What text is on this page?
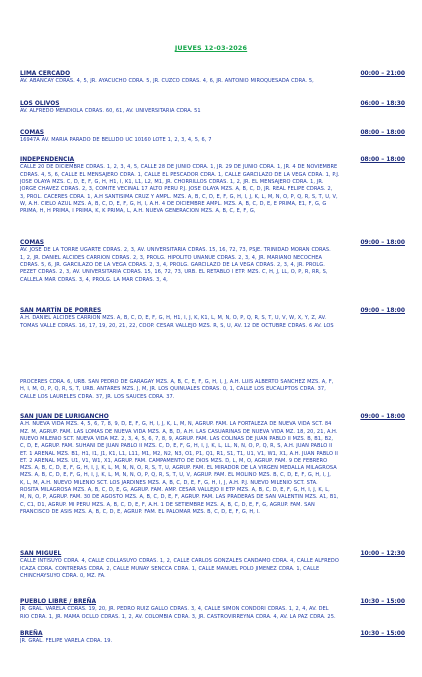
JUEVES 12-03-2026
LIMA CERCADO	00:00 – 21:00
AV. ABANCAY CDRAS. 4, 5, JR. AYACUCHO CDRA. 5, JR. CUZCO CDRAS. 4, 6, JR. ANTONIO MIROQUESADA CDRA. 5,
LOS OLIVOS	06:00 – 18:30
AV. ALFREDO MENDIOLA CDRAS. 60, 61, AV. UNIVERSITARIA CDRA. 51
COMAS	08:00 – 18:00
16947A AV. MARIA PARADO DE BELLIDO UC 10160 LOTE 1, 2, 3, 4, 5, 6, 7
INDEPENDENCIA	08:00 – 18:00
CALLE 20 DE DICIEMBRE CDRAS. 1, 2, 3, 4, 5, CALLE 28 DE JUNIO CDRA. 1, JR. 29 DE JUNIO CDRA. 1, JR. 4 DE NOVIEMBRE
CDRAS. 4, 5, 6, CALLE EL MENSAJERO CDRA. 1, CALLE EL PESCADOR CDRA. 1, CALLE GARCILAZO DE LA VEGA CDRA. 1, P.J.
JOSÉ OLAYA MZS. C, D, E, F, G, H, H1, I, K1, L1, L2, M1, JR. CHORRILLOS CDRAS. 1, 2, JR. EL MENSAJERO CDRA. 1, JR.
JORGE CHAVEZ CDRAS. 2, 3, COMITÉ VECINAL 17 ALTO PERÚ P.J. JOSÉ OLAYA MZS. A, B, C, D, JR. REAL FELIPE CDRAS. 2,
3, PROL. CÁCERES CDRA. 1, A.H SANTISIMA CRUZ Y AMPL. MZS. A, B, C, D, E, F, G, H, I, J, K, L, M, N, O, P, Q, R, S, T, U, V,
W, A.H. CIELO AZUL MZS. A, B, C, D, E, F, G, H, I, A.H. 4 DE DICIEMBRE AMPL. MZS. A, B, C, D, E, E PRIMA, E1, F, G, G
PRIMA, H, H PRIMA, I PRIMA, K, K PRIMA, L, A.H. NUEVA GENERACIÓN MZS. A, B, C, E, F, G,
COMAS	09:00 – 18:00
AV. JOSÉ DE LA TORRE UGARTE CDRAS. 2, 3, AV. UNIVERSITARIA CDRAS. 15, 16, 72, 73, PSJE. TRINIDAD MORÁN CDRAS.
1, 2, JR. DANIEL ALCIDES CARRIÓN CDRAS. 2, 3, PROLG. HIPÓLITO UNANUE CDRAS. 2, 3, 4, JR. MARIANO NECOCHEA
CDRAS. 5, 6, JR. GARCILAZO DE LA VEGA CDRAS. 2, 3, 4, PROLG. GARCILAZO DE LA VEGA CDRAS. 2, 3, 4, JR. PROLG.
PEZET CDRAS. 2, 3, AV. UNIVERSITARIA CDRAS. 15, 16, 72, 73, URB. EL RETABLO I ETP. MZS. C, H, J, LL, O, P, R, RR, S,
CALLELA MAR CDRAS. 3, 4, PROLG. LA MAR CDRAS. 3, 4,
SAN MARTÍN DE PORRES	09:00 – 18:00
A.H. DANIEL ALCIDES CARRIÓN MZS. A, B, C, D, E, F, G, H, H1, I, J, K, K1, L, M, N, O, P, Q, R, S, T, U, V, W, X, Y, Z, AV.
TOMÁS VALLE CDRAS. 16, 17, 19, 20, 21, 22, COOP. CESAR VALLEJO MZS. R, S, U, AV. 12 DE OCTUBRE CDRAS. 6 AV. LOS
PRÓCERES CDRA. 6, URB. SAN PEDRO DE GARAGAY MZS. A, B, C, E, F, G, H, I, J, A.H. LUIS ALBERTO SÁNCHEZ MZS. A, F,
H, I, M, O, P, Q, R, S, T, URB. ANTARES MZS. J, M, JR. LOS QUINUALES CDRAS. 0, 1, CALLE LOS EUCALIPTOS CDRA. 37,
CALLE LOS LAURELES CDRA. 37, JR. LOS SAUCES CDRA. 37.
SAN JUAN DE LURIGANCHO	09:00 – 18:00
A.H. NUEVA VIDA MZS. 4, 5, 6, 7, 8, 9, D, E, F, G, H, I, J, K, L, M, N, AGRUP. FAM. LA FORTALEZA DE NUEVA VIDA SCT. 84
MZ. M, AGRUP. FAM. LAS LOMAS DE NUEVA VIDA MZS. A, B, D, A.H. LAS CASUARINAS DE NUEVA VIDA MZ. 18, 20, 21, A.H.
NUEVO MILENIO SCT. NUEVA VIDA MZ. 2, 3, 4, 5, 6, 7, 8, 9, AGRUP. FAM. LAS COLINAS DE JUAN PABLO II MZS. B, B1, B2,
C, D, E, AGRUP. FAM. SUHANI DE JUAN PABLO II MZS. C, D, E, F, G, H, I, J, K, L, LL, Ñ, Ñ, O, P, Q, R, S, A.H. JUAN PABLO II
ET. 1 ARENAL MZS. B1, H1, I1, J1, K1, L1, L11, M1, M2, N2, N3, O1, P1, Q1, R1, S1, T1, U1, V1, W1, X1, A.H. JUAN PABLO II
ET. 2 ARENAL MZS. U1, V1, W1, X1, AGRUP. FAM. CAMPAMENTO DE DIOS MZS. D, L, M, O, AGRUP. FAM. 9 DE FEBRERO
MZS. A, B, C, D, E, F, G, H, I, J, K, L, M, N, Ñ, O, R, S, T, U, AGRUP. FAM. EL MIRADOR DE LA VIRGEN MEDALLA MILAGROSA
MZS. A, B, C, D, E, F, G, H, I, J, K, L, M, N, Ñ, O, P, Q, R, S, T, U, V, AGRUP. FAM. EL MOLINO MZS. B, C, D, E, F, G, H, I, J,
K, L, M, A.H. NUEVO MILENIO SCT. LOS JARDINES MZS. A, B, C, D, E, F, G, H, I, J, A.H. P.J. NUEVO MILENIO SCT. STA.
ROSITA MILAGROSA MZS. A, B, C, D, E, G, AGRUP. FAM. AMP. CESAR VALLEJO II ETP MZS. A, B, C, D, E, F, G, H, I, J, K, L,
M, N, O, P, AGRUP. FAM. 30 DE AGOSTO MZS. A, B, C, D, E, F, AGRUP. FAM. LAS PRADERAS DE SAN VALENTÍN MZS. A1, B1,
C, C1, D1, AGRUP. MI PERÚ MZS. A, B, C, D, E, F, A.H. 1 DE SETIEMBRE MZS. A, B, C, D, E, F, G, AGRUP. FAM. SAN
FRANCISCO DE ASÍS MZS. A, B, C, D, E, AGRUP. FAM. EL PALOMAR MZS. B, C, D, E, F, G, H, I.
SAN MIGUEL	10:00 – 12:30
CALLE INTISUYO CDRA. 4, CALLE COLLASUYO CDRAS. 1, 2, CALLE CARLOS GONZALES CANDAMO CDRA. 4, CALLE ALFREDO
ICAZA CDRA. CONTRERAS CDRA. 2, CALLE MUNAY SENCCA CDRA. 1, CALLE MANUEL POLO JIMENEZ CDRA. 1, CALLE
CHINCHAYSUYO CDRA. 0, MZ. FA.
PUEBLO LIBRE / BREÑA	10:30 – 15:00
JR. GRAL. VARELA CDRAS. 19, 20, JR. PEDRO RUIZ GALLO CDRAS. 3, 4, CALLE SIMÓN CONDORI CDRAS. 1, 2, 4, AV. DEL
RÍO CDRA. 1, JR. MAMA OCLLO CDRAS. 1, 2, AV. COLOMBIA CDRA. 3, JR. CASTROVIRREYNA CDRA. 4, AV. LA PAZ CDRA. 25.
BREÑA	10:30 – 15:00
JR. GRAL. FELIPE VARELA CDRA. 19.
